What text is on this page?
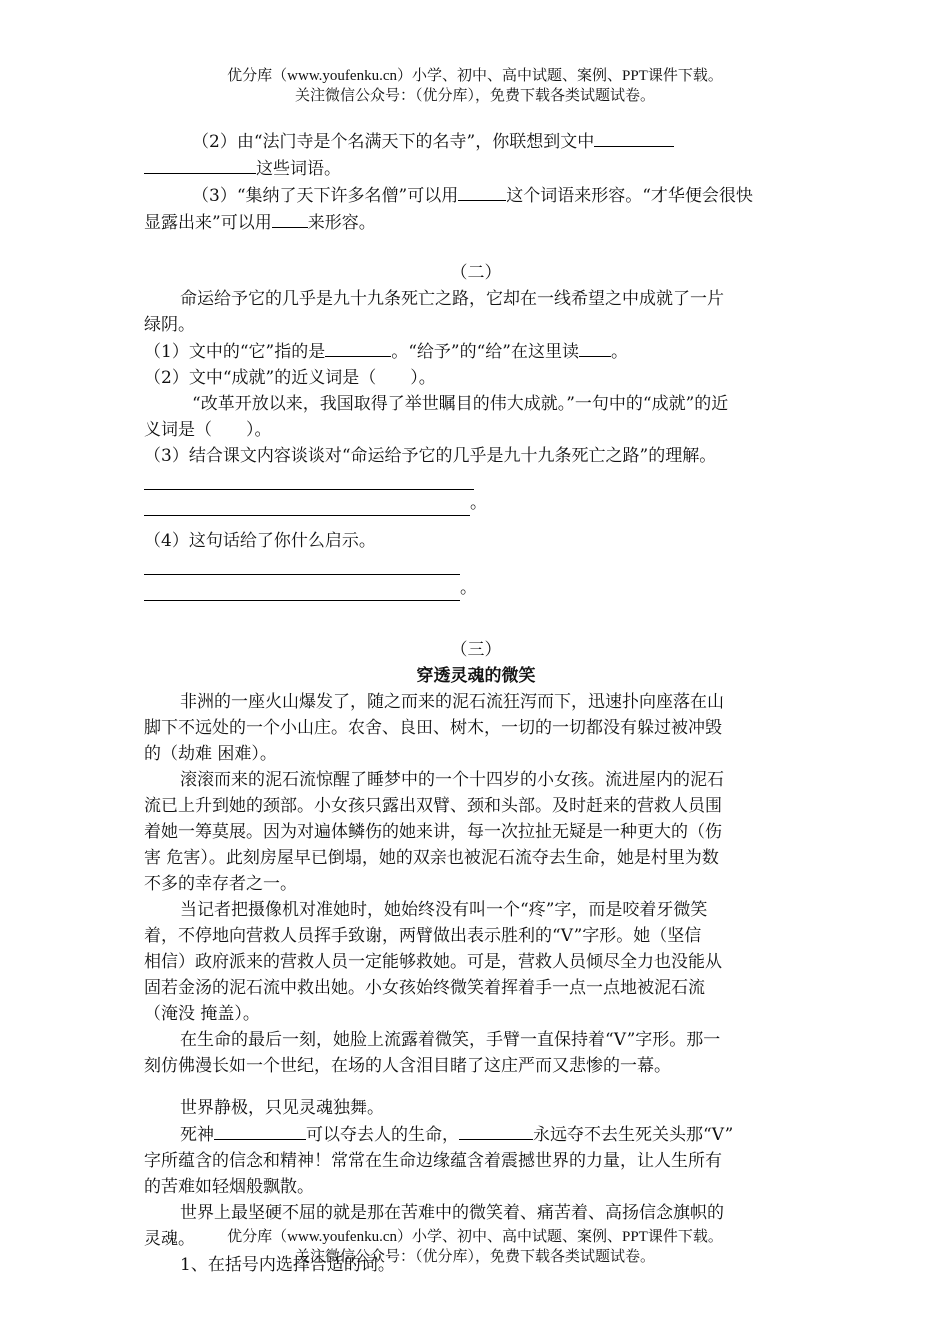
优分库（www.youfenku.cn）小学、初中、高中试题、案例、PPT课件下载。
关注微信公众号：（优分库），免费下载各类试题试卷。
（2）由“法门寺是个名满天下的名寺”，你联想到文中
这些词语。
（3）“集纳了天下许多名僧”可以用	这个词语来形容。“才华便会很快
显露出来”可以用 来形容。
（二）
命运给予它的几乎是九十九条死亡之路，它却在一线希望之中成就了一片
绿阴。
（1）文中的“它”指的是	。“给予”的“给”在这里读 。
（2）文中“成就”的近义词是（　　）。
“改革开放以来，我国取得了举世瞩目的伟大成就。”一句中的“成就”的近
义词是（　　）。
（3）结合课文内容谈谈对“命运给予它的几乎是九十九条死亡之路”的理解。
。
（4）这句话给了你什么启示。
。
（三）
穿透灵魂的微笑
非洲的一座火山爆发了，随之而来的泥石流狂泻而下，迅速扑向座落在山
脚下不远处的一个小山庄。农舍、良田、树木，一切的一切都没有躲过被冲毁
的（劫难 困难）。
滚滚而来的泥石流惊醒了睡梦中的一个十四岁的小女孩。流进屋内的泥石
流已上升到她的颈部。小女孩只露出双臂、颈和头部。及时赶来的营救人员围
着她一筹莫展。因为对遍体鳞伤的她来讲，每一次拉扯无疑是一种更大的（伤
害 危害）。此刻房屋早已倒塌，她的双亲也被泥石流夺去生命，她是村里为数
不多的幸存者之一。
当记者把摄像机对准她时，她始终没有叫一个“疼”字，而是咬着牙微笑
着，不停地向营救人员挥手致谢，两臂做出表示胜利的“V”字形。她（坚信
相信）政府派来的营救人员一定能够救她。可是，营救人员倾尽全力也没能从
固若金汤的泥石流中救出她。小女孩始终微笑着挥着手一点一点地被泥石流
（淹没 掩盖）。
在生命的最后一刻，她脸上流露着微笑，手臂一直保持着“V”字形。那一
刻仿佛漫长如一个世纪，在场的人含泪目睹了这庄严而又悲惨的一幕。
世界静极，只见灵魂独舞。
死神	可以夺去人的生命，	永远夺不去生死关头那“V”
字所蕴含的信念和精神！常常在生命边缘蕴含着震撼世界的力量，让人生所有
的苦难如轻烟般飘散。
世界上最坚硬不屈的就是那在苦难中的微笑着、痛苦着、高扬信念旗帜的
灵魂。
1、在括号内选择合适的词。
优分库（www.youfenku.cn）小学、初中、高中试题、案例、PPT课件下载。
关注微信公众号：（优分库），免费下载各类试题试卷。
